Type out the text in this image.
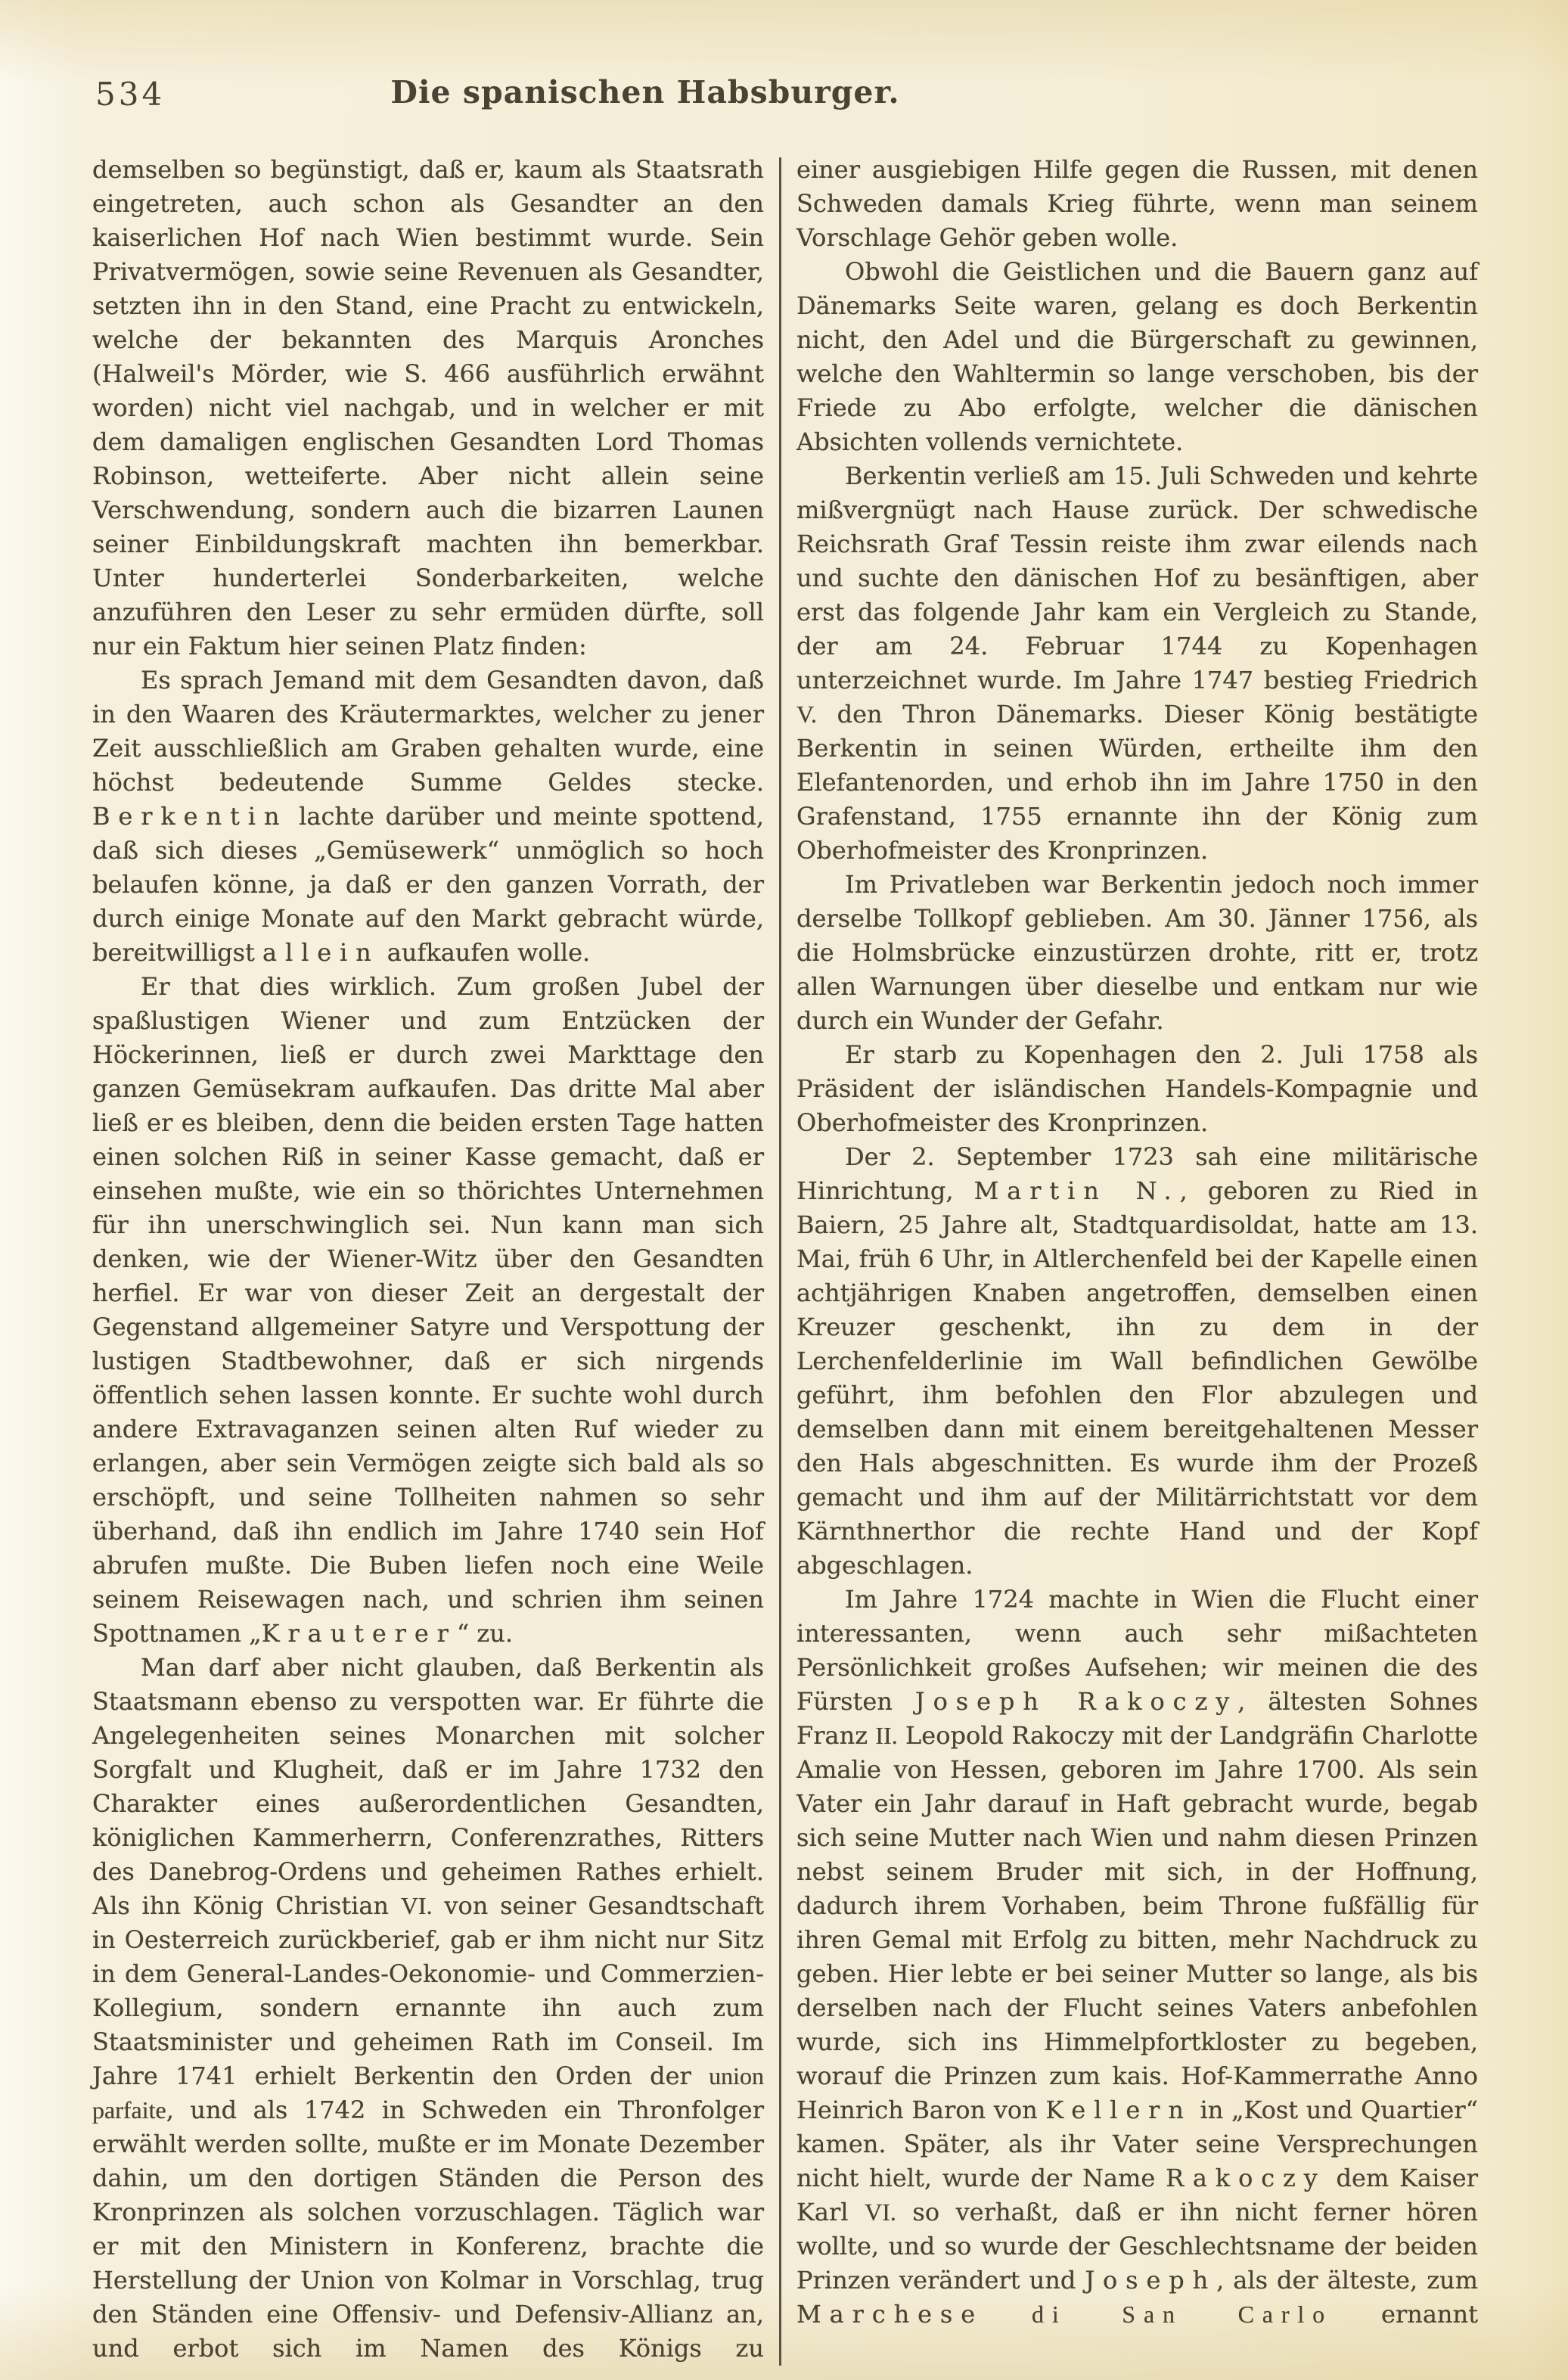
534	Die spanischen Habsburger.

demselben so begünstigt, daß er, kaum als Staatsrath eingetreten, auch schon als Gesandter an den kaiserlichen Hof nach Wien bestimmt wurde. Sein Privatvermögen, sowie seine Revenuen als Gesandter, setzten ihn in den Stand, eine Pracht zu entwickeln, welche der bekannten des Marquis Aronches (Halweil's Mörder, wie S. 466 ausführlich erwähnt worden) nicht viel nachgab, und in welcher er mit dem damaligen englischen Gesandten Lord Thomas Robinson, wetteiferte. Aber nicht allein seine Verschwendung, sondern auch die bizarren Launen seiner Einbildungskraft machten ihn bemerkbar. Unter hunderterlei Sonderbarkeiten, welche anzuführen den Leser zu sehr ermüden dürfte, soll nur ein Faktum hier seinen Platz finden:

Es sprach Jemand mit dem Gesandten davon, daß in den Waaren des Kräutermarktes, welcher zu jener Zeit ausschließlich am Graben gehalten wurde, eine höchst bedeutende Summe Geldes stecke. Berkentin lachte darüber und meinte spottend, daß sich dieses „Gemüsewerk“ unmöglich so hoch belaufen könne, ja daß er den ganzen Vorrath, der durch einige Monate auf den Markt gebracht würde, bereitwilligst allein aufkaufen wolle.

Er that dies wirklich. Zum großen Jubel der spaßlustigen Wiener und zum Entzücken der Höckerinnen, ließ er durch zwei Markttage den ganzen Gemüsekram aufkaufen. Das dritte Mal aber ließ er es bleiben, denn die beiden ersten Tage hatten einen solchen Riß in seiner Kasse gemacht, daß er einsehen mußte, wie ein so thörichtes Unternehmen für ihn unerschwinglich sei. Nun kann man sich denken, wie der Wiener-Witz über den Gesandten herfiel. Er war von dieser Zeit an dergestalt der Gegenstand allgemeiner Satyre und Verspottung der lustigen Stadtbewohner, daß er sich nirgends öffentlich sehen lassen konnte. Er suchte wohl durch andere Extravaganzen seinen alten Ruf wieder zu erlangen, aber sein Vermögen zeigte sich bald als so erschöpft, und seine Tollheiten nahmen so sehr überhand, daß ihn endlich im Jahre 1740 sein Hof abrufen mußte. Die Buben liefen noch eine Weile seinem Reisewagen nach, und schrien ihm seinen Spottnamen „Krauterer“ zu.

Man darf aber nicht glauben, daß Berkentin als Staatsmann ebenso zu verspotten war. Er führte die Angelegenheiten seines Monarchen mit solcher Sorgfalt und Klugheit, daß er im Jahre 1732 den Charakter eines außerordentlichen Gesandten, königlichen Kammerherrn, Conferenzrathes, Ritters des Danebrog-Ordens und geheimen Rathes erhielt. Als ihn König Christian VI. von seiner Gesandtschaft in Oesterreich zurückberief, gab er ihm nicht nur Sitz in dem General-Landes-Oekonomie- und Commerzien-Kollegium, sondern ernannte ihn auch zum Staatsminister und geheimen Rath im Conseil. Im Jahre 1741 erhielt Berkentin den Orden der union parfaite, und als 1742 in Schweden ein Thronfolger erwählt werden sollte, mußte er im Monate Dezember dahin, um den dortigen Ständen die Person des Kronprinzen als solchen vorzuschlagen. Täglich war er mit den Ministern in Konferenz, brachte die Herstellung der Union von Kolmar in Vorschlag, trug den Ständen eine Offensiv- und Defensiv-Allianz an, und erbot sich im Namen des Königs zu

einer ausgiebigen Hilfe gegen die Russen, mit denen Schweden damals Krieg führte, wenn man seinem Vorschlage Gehör geben wolle.

Obwohl die Geistlichen und die Bauern ganz auf Dänemarks Seite waren, gelang es doch Berkentin nicht, den Adel und die Bürgerschaft zu gewinnen, welche den Wahltermin so lange verschoben, bis der Friede zu Abo erfolgte, welcher die dänischen Absichten vollends vernichtete.

Berkentin verließ am 15. Juli Schweden und kehrte mißvergnügt nach Hause zurück. Der schwedische Reichsrath Graf Tessin reiste ihm zwar eilends nach und suchte den dänischen Hof zu besänftigen, aber erst das folgende Jahr kam ein Vergleich zu Stande, der am 24. Februar 1744 zu Kopenhagen unterzeichnet wurde. Im Jahre 1747 bestieg Friedrich V. den Thron Dänemarks. Dieser König bestätigte Berkentin in seinen Würden, ertheilte ihm den Elefantenorden, und erhob ihn im Jahre 1750 in den Grafenstand, 1755 ernannte ihn der König zum Oberhofmeister des Kronprinzen.

Im Privatleben war Berkentin jedoch noch immer derselbe Tollkopf geblieben. Am 30. Jänner 1756, als die Holmsbrücke einzustürzen drohte, ritt er, trotz allen Warnungen über dieselbe und entkam nur wie durch ein Wunder der Gefahr.

Er starb zu Kopenhagen den 2. Juli 1758 als Präsident der isländischen Handels-Kompagnie und Oberhofmeister des Kronprinzen.

Der 2. September 1723 sah eine militärische Hinrichtung, Martin N., geboren zu Ried in Baiern, 25 Jahre alt, Stadtquardisoldat, hatte am 13. Mai, früh 6 Uhr, in Altlerchenfeld bei der Kapelle einen achtjährigen Knaben angetroffen, demselben einen Kreuzer geschenkt, ihn zu dem in der Lerchenfelderlinie im Wall befindlichen Gewölbe geführt, ihm befohlen den Flor abzulegen und demselben dann mit einem bereitgehaltenen Messer den Hals abgeschnitten. Es wurde ihm der Prozeß gemacht und ihm auf der Militärrichtstatt vor dem Kärnthnerthor die rechte Hand und der Kopf abgeschlagen.

Im Jahre 1724 machte in Wien die Flucht einer interessanten, wenn auch sehr mißachteten Persönlichkeit großes Aufsehen; wir meinen die des Fürsten Joseph Rakoczy, ältesten Sohnes Franz II. Leopold Rakoczy mit der Landgräfin Charlotte Amalie von Hessen, geboren im Jahre 1700. Als sein Vater ein Jahr darauf in Haft gebracht wurde, begab sich seine Mutter nach Wien und nahm diesen Prinzen nebst seinem Bruder mit sich, in der Hoffnung, dadurch ihrem Vorhaben, beim Throne fußfällig für ihren Gemal mit Erfolg zu bitten, mehr Nachdruck zu geben. Hier lebte er bei seiner Mutter so lange, als bis derselben nach der Flucht seines Vaters anbefohlen wurde, sich ins Himmelpfortkloster zu begeben, worauf die Prinzen zum kais. Hof-Kammerrathe Anno Heinrich Baron von Kellern in „Kost und Quartier“ kamen. Später, als ihr Vater seine Versprechungen nicht hielt, wurde der Name Rakoczy dem Kaiser Karl VI. so verhaßt, daß er ihn nicht ferner hören wollte, und so wurde der Geschlechtsname der beiden Prinzen verändert und Joseph, als der älteste, zum Marchese di San Carlo ernannt
